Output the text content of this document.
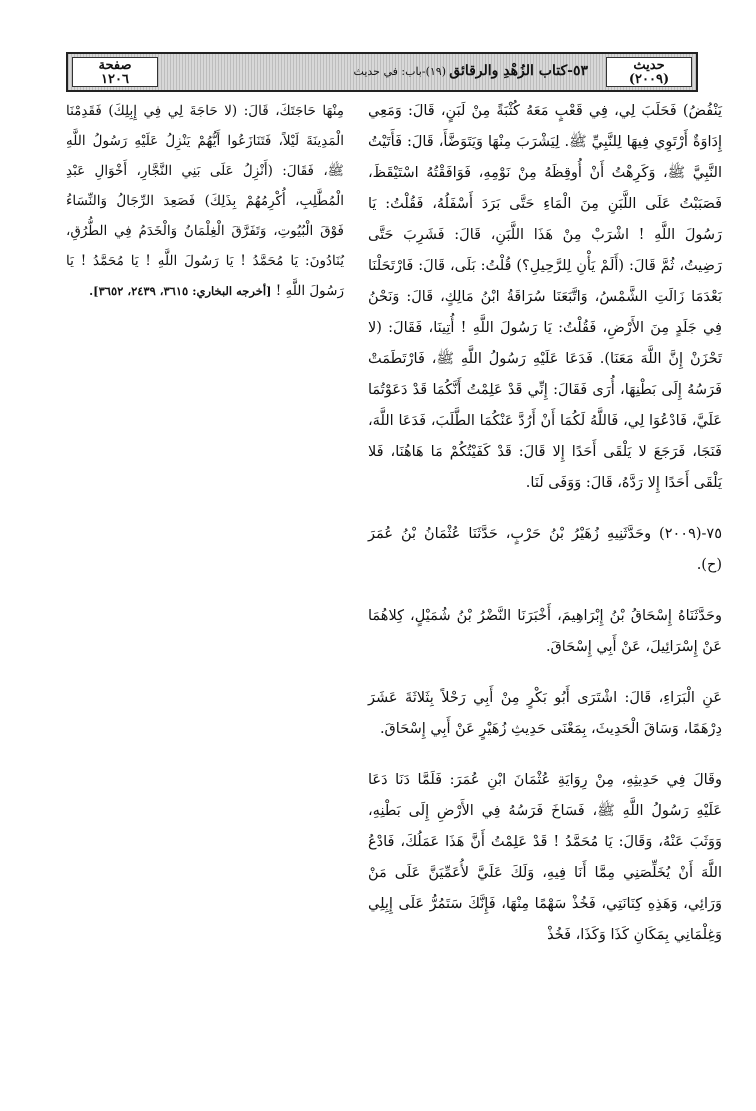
حديث
(٢٠٠٩)
٥٣-كتاب الزُهْدِ والرقائق
(١٩)-باب: في حديث
صفحة
١٢٠٦

يَنْفُضُ) فَحَلَبَ لِي، فِي قَعْبٍ مَعَهُ كُثْبَةً مِنْ لَبَنٍ، قَالَ: وَمَعِي إِدَاوَةٌ أَرْتَوِي فِيهَا لِلنَّبِيِّ ﷺ. لِيَشْرَبَ مِنْهَا وَيَتَوَضَّأَ، قَالَ: فَأَتَيْتُ النَّبِيَّ ﷺ، وَكَرِهْتُ أَنْ أُوقِظَهُ مِنْ نَوْمِهِ، فَوَافَقْتُهُ اسْتَيْقَظَ، فَصَبَبْتُ عَلَى اللَّبَنِ مِنَ الْمَاءِ حَتَّى بَرَدَ أَسْفَلُهُ، فَقُلْتُ: يَا رَسُولَ اللَّهِ ! اشْرَبْ مِنْ هَذَا اللَّبَنِ، قَالَ: فَشَرِبَ حَتَّى رَضِيتُ، ثُمَّ قَالَ: (أَلَمْ يَأْنِ لِلرَّحِيلِ؟) قُلْتُ: بَلَى، قَالَ: فَارْتَحَلْنَا بَعْدَمَا زَالَتِ الشَّمْسُ، وَاتَّبَعَنَا سُرَاقَةُ ابْنُ مَالِكٍ، قَالَ: وَنَحْنُ فِي جَلَدٍ مِنَ الأَرْضِ، فَقُلْتُ: يَا رَسُولَ اللَّهِ ! أُتِينَا، فَقَالَ: (لا تَحْزَنْ إِنَّ اللَّهَ مَعَنَا). فَدَعَا عَلَيْهِ رَسُولُ اللَّهِ ﷺ، فَارْتَطَمَتْ فَرَسُهُ إِلَى بَطْنِهَا، أُرَى فَقَالَ: إِنِّي قَدْ عَلِمْتُ أَنَّكُمَا قَدْ دَعَوْتُمَا عَلَيَّ، فَادْعُوَا لِي، فَاللَّهُ لَكُمَا أَنْ أَرُدَّ عَنْكُمَا الطَّلَبَ، فَدَعَا اللَّهَ، فَنَجَا، فَرَجَعَ لا يَلْقَى أَحَدًا إِلا قَالَ: قَدْ كَفَيْتُكُمْ مَا هَاهُنَا، فَلا يَلْقَى أَحَدًا إِلا رَدَّهُ، قَالَ: وَوَفَى لَنَا.

٧٥-(٢٠٠٩) وحَدَّثَنِيهِ زُهَيْرُ بْنُ حَرْبٍ، حَدَّثَنَا عُثْمَانُ بْنُ عُمَرَ (ح).

وحَدَّثَنَاهُ إِسْحَاقُ بْنُ إِبْرَاهِيمَ، أَخْبَرَنَا النَّضْرُ بْنُ شُمَيْلٍ، كِلاهُمَا عَنْ إِسْرَائِيلَ، عَنْ أَبِي إِسْحَاقَ.

عَنِ الْبَرَاءِ، قَالَ: اشْتَرَى أَبُو بَكْرٍ مِنْ أَبِي رَحْلاً بِثَلاثَةَ عَشَرَ دِرْهَمًا، وَسَاقَ الْحَدِيثَ، بِمَعْنَى حَدِيثِ زُهَيْرٍ عَنْ أَبِي إِسْحَاقَ.

وقَالَ فِي حَدِيثِهِ، مِنْ رِوَايَةِ عُثْمَانَ ابْنِ عُمَرَ: فَلَمَّا دَنَا دَعَا عَلَيْهِ رَسُولُ اللَّهِ ﷺ، فَسَاخَ فَرَسُهُ فِي الأَرْضِ إِلَى بَطْنِهِ، وَوَثَبَ عَنْهُ، وَقَالَ: يَا مُحَمَّدُ ! قَدْ عَلِمْتُ أَنَّ هَذَا عَمَلُكَ، فَادْعُ اللَّهَ أَنْ يُخَلِّصَنِي مِمَّا أَنَا فِيهِ، وَلَكَ عَلَيَّ لأُعَمِّيَنَّ عَلَى مَنْ وَرَائِي، وَهَذِهِ كِنَانَتِي، فَخُذْ سَهْمًا مِنْهَا، فَإِنَّكَ سَتَمُرُّ عَلَى إِبِلِي وَغِلْمَانِي بِمَكَانِ كَذَا وَكَذَا، فَخُذْ

مِنْهَا حَاجَتَكَ، قَالَ: (لا حَاجَةَ لِي فِي إِبِلِكَ) فَقَدِمْنَا الْمَدِينَةَ لَيْلاً، فَتَنَازَعُوا أَيُّهُمْ يَنْزِلُ عَلَيْهِ رَسُولُ اللَّهِ ﷺ، فَقَالَ: (أَنْزِلُ عَلَى بَنِي النَّجَّارِ، أَخْوَالِ عَبْدِ الْمُطَّلِبِ، أُكْرِمُهُمْ بِذَلِكَ) فَصَعِدَ الرِّجَالُ وَالنِّسَاءُ فَوْقَ الْبُيُوتِ، وَتَفَرَّقَ الْغِلْمَانُ وَالْخَدَمُ فِي الطُّرُقِ، يُنَادُونَ: يَا مُحَمَّدُ ! يَا رَسُولَ اللَّهِ ! يَا مُحَمَّدُ ! يَا رَسُولَ اللَّهِ ! [أخرجه البخاري: ٣٦١٥، ٢٤٣٩، ٣٦٥٢].
